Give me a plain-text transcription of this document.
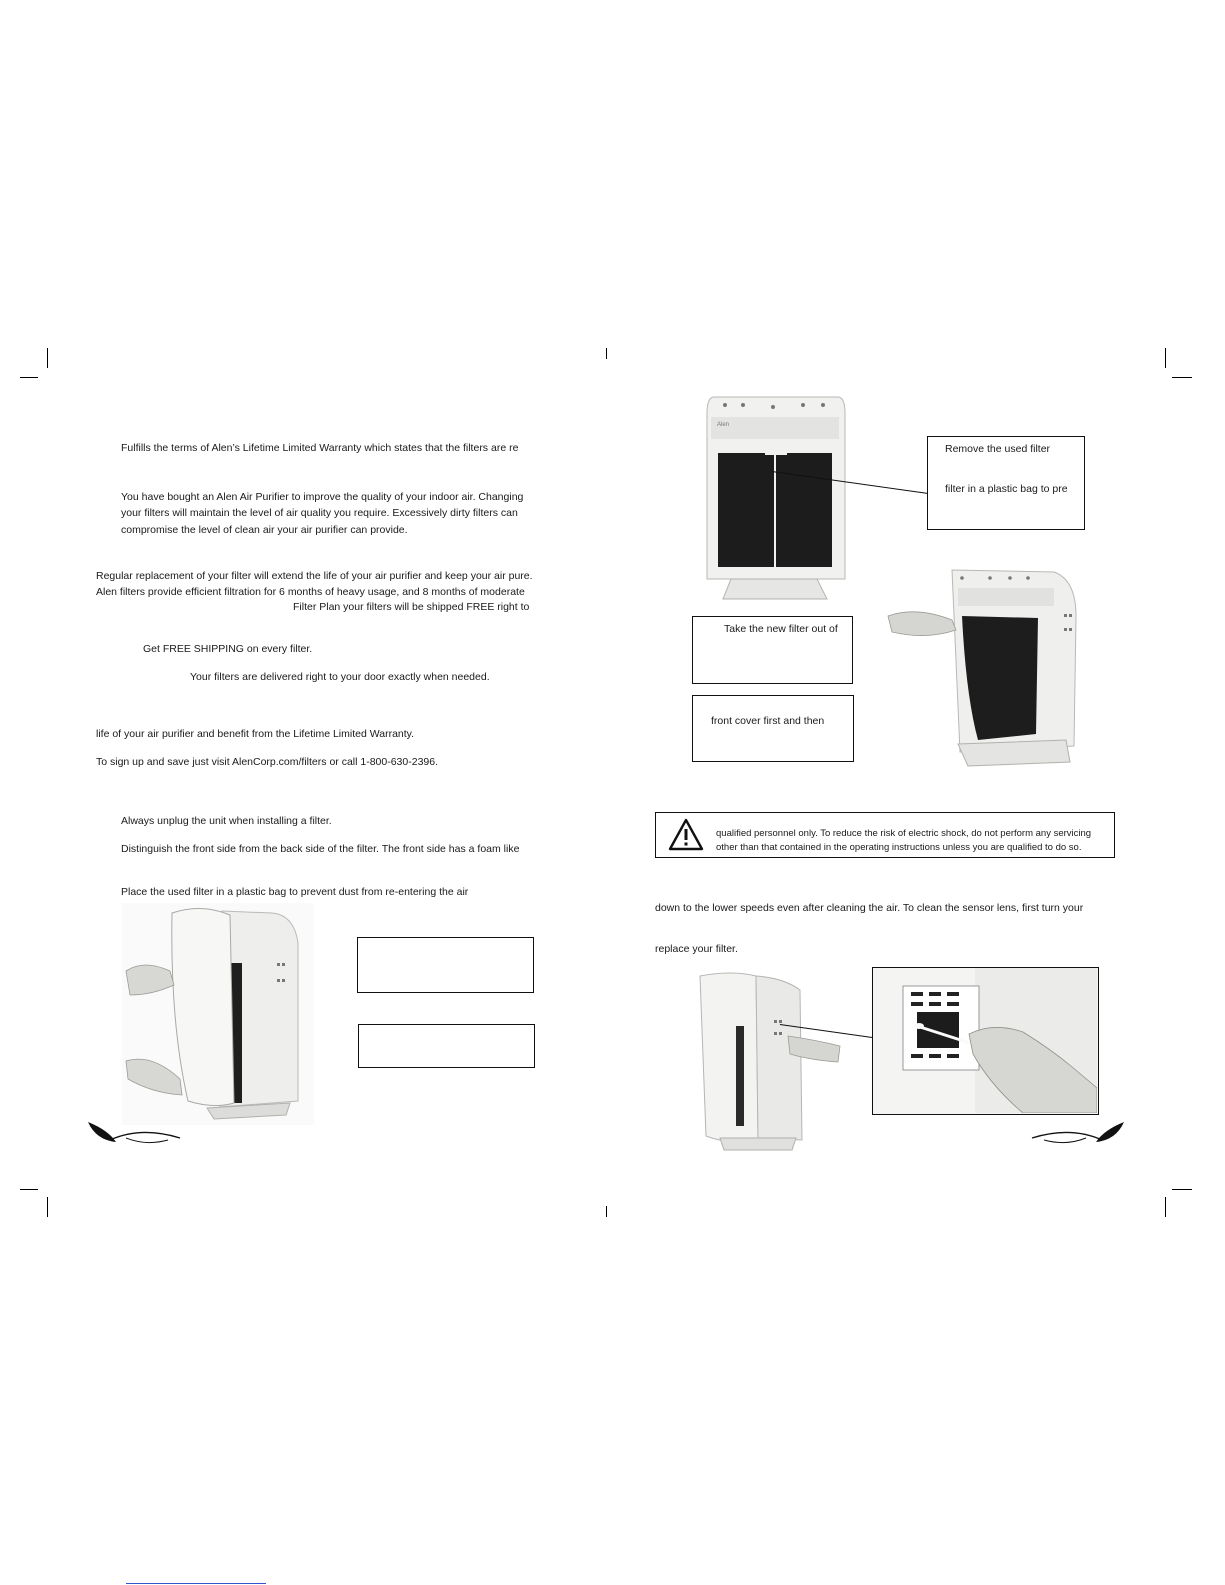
Fulfills the terms of Alen’s Lifetime Limited Warranty which states that the filters are re
You have bought an Alen Air Purifier to improve the quality of your indoor air. Changing
your filters will maintain the level of air quality you require. Excessively dirty filters can
compromise the level of clean air your air purifier can provide.
Regular replacement of your filter will extend the life of your air purifier and keep your air pure.
Alen filters provide efficient filtration for 6 months of heavy usage, and 8 months of moderate
Filter Plan your filters will be shipped FREE right to
Get FREE SHIPPING on every filter.
Your filters are delivered right to your door exactly when needed.
life of your air purifier and benefit from the Lifetime Limited Warranty.
To sign up and save just visit AlenCorp.com/filters or call 1-800-630-2396.
Always unplug the unit when installing a filter.
Distinguish the front side from the back side of the filter. The front side has a foam like
Place the used filter in a plastic bag to prevent dust from re-entering the air
Alen
Remove the used filter
filter in a plastic bag to pre
Take the new filter out of
front cover first and then
qualified personnel only. To reduce the risk of electric shock, do not perform any servicing
other than that contained in the operating instructions unless you are qualified to do so.
down to the lower speeds even after cleaning the air. To clean the sensor lens, first turn your
replace your filter.
